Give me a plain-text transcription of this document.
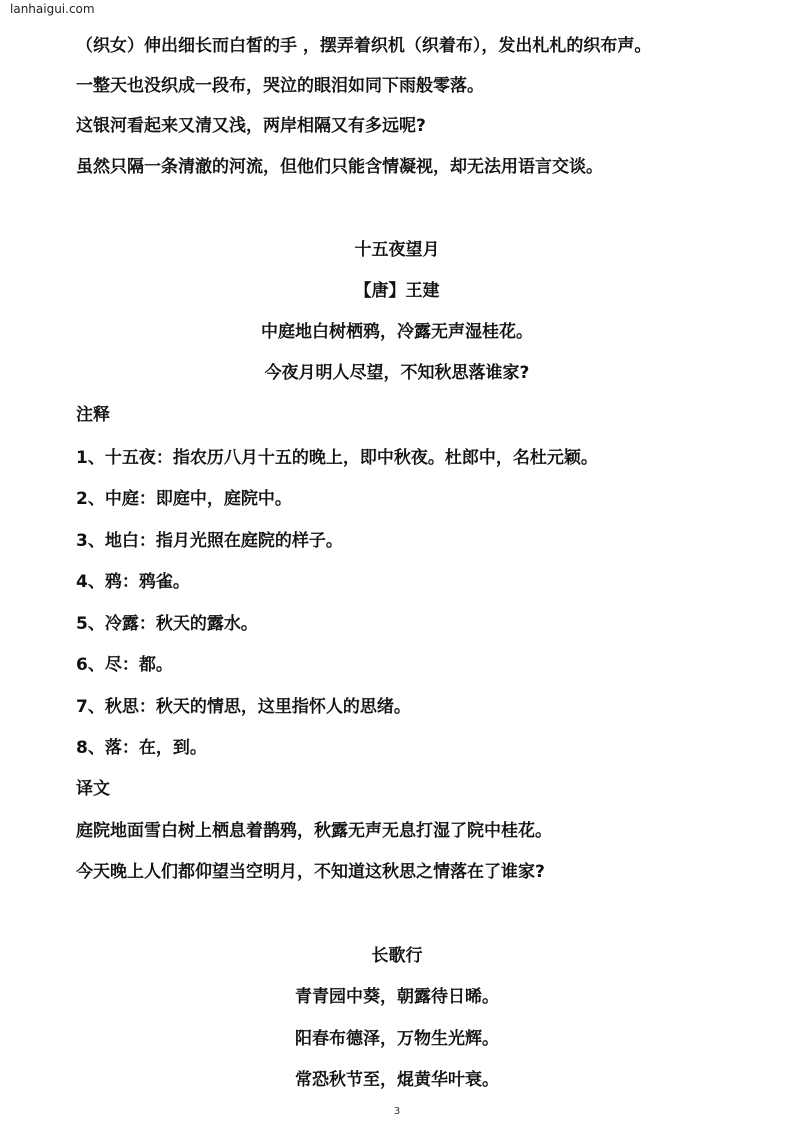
lanhaigui.com
（织女）伸出细长而白皙的手 ，摆弄着织机（织着布），发出札札的织布声。
一整天也没织成一段布，哭泣的眼泪如同下雨般零落。
这银河看起来又清又浅，两岸相隔又有多远呢?
虽然只隔一条清澈的河流，但他们只能含情凝视，却无法用语言交谈。
十五夜望月
【唐】王建
中庭地白树栖鸦，冷露无声湿桂花。
今夜月明人尽望，不知秋思落谁家?
注释
1、十五夜：指农历八月十五的晚上，即中秋夜。杜郎中，名杜元颖。
2、中庭：即庭中，庭院中。
3、地白：指月光照在庭院的样子。
4、鸦：鸦雀。
5、冷露：秋天的露水。
6、尽：都。
7、秋思：秋天的情思，这里指怀人的思绪。
8、落：在，到。
译文
庭院地面雪白树上栖息着鹊鸦，秋露无声无息打湿了院中桂花。
今天晚上人们都仰望当空明月，不知道这秋思之情落在了谁家?
长歌行
青青园中葵，朝露待日晞。
阳春布德泽，万物生光辉。
常恐秋节至，焜黄华叶衰。
3
